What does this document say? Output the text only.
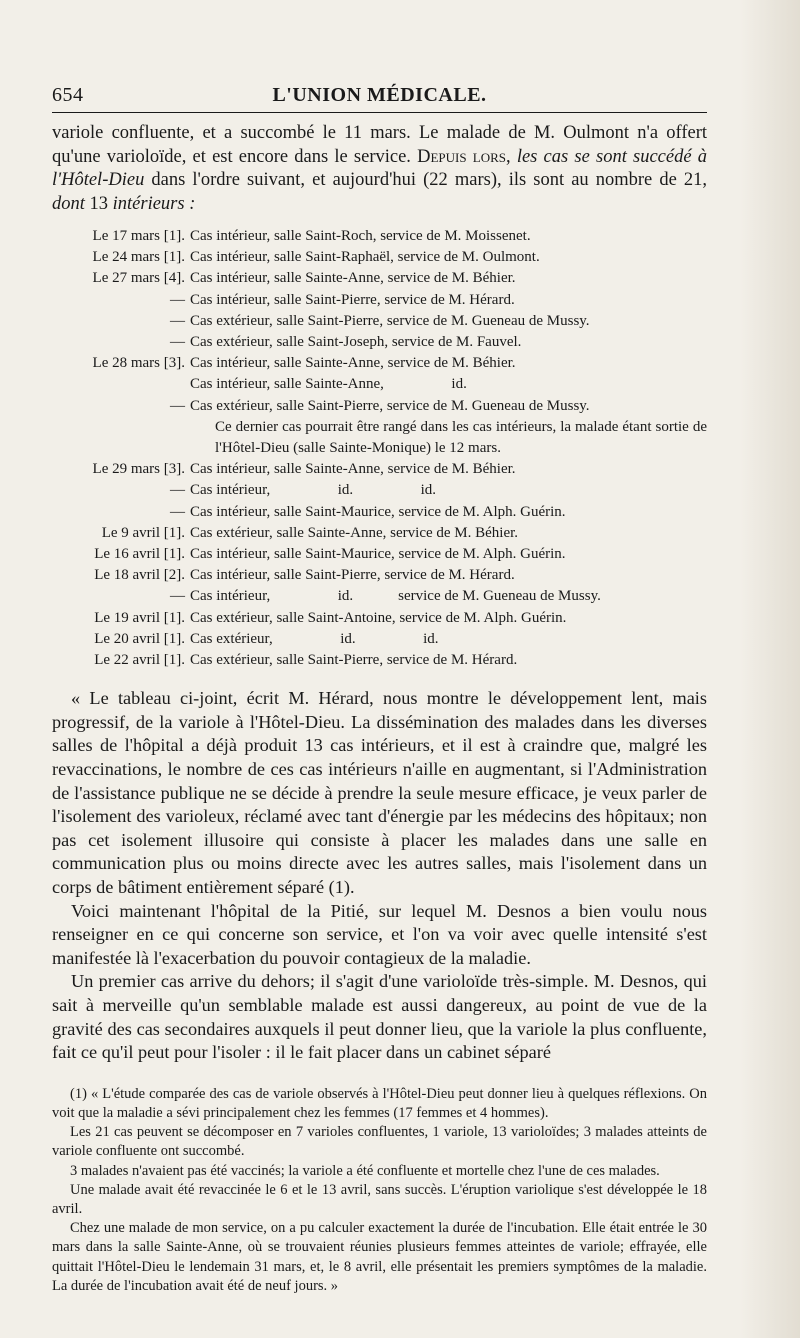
654	L'UNION MÉDICALE.
variole confluente, et a succombé le 11 mars. Le malade de M. Oulmont n'a offert qu'une varioloïde, et est encore dans le service. Depuis lors, les cas se sont succédé à l'Hôtel-Dieu dans l'ordre suivant, et aujourd'hui (22 mars), ils sont au nombre de 21, dont 13 intérieurs :
Le 17 mars [1]. Cas intérieur, salle Saint-Roch, service de M. Moissenet.
Le 24 mars [1]. Cas intérieur, salle Saint-Raphaël, service de M. Oulmont.
Le 27 mars [4]. Cas intérieur, salle Sainte-Anne, service de M. Béhier.
— Cas intérieur, salle Saint-Pierre, service de M. Hérard.
— Cas extérieur, salle Saint-Pierre, service de M. Gueneau de Mussy.
— Cas extérieur, salle Saint-Joseph, service de M. Fauvel.
Le 28 mars [3]. Cas intérieur, salle Sainte-Anne, service de M. Béhier.
Cas intérieur, salle Sainte-Anne,                  id.
— Cas extérieur, salle Saint-Pierre, service de M. Gueneau de Mussy.
Ce dernier cas pourrait être rangé dans les cas intérieurs, la malade étant sortie de l'Hôtel-Dieu (salle Sainte-Monique) le 12 mars.
Le 29 mars [3]. Cas intérieur, salle Sainte-Anne, service de M. Béhier.
— Cas intérieur,                  id.                  id.
— Cas intérieur, salle Saint-Maurice, service de M. Alph. Guérin.
Le 9 avril [1]. Cas extérieur, salle Sainte-Anne, service de M. Béhier.
Le 16 avril [1]. Cas intérieur, salle Saint-Maurice, service de M. Alph. Guérin.
Le 18 avril [2]. Cas intérieur, salle Saint-Pierre, service de M. Hérard.
— Cas intérieur,                  id.            service de M. Gueneau de Mussy.
Le 19 avril [1]. Cas extérieur, salle Saint-Antoine, service de M. Alph. Guérin.
Le 20 avril [1]. Cas extérieur,                  id.                  id.
Le 22 avril [1]. Cas extérieur, salle Saint-Pierre, service de M. Hérard.

« Le tableau ci-joint, écrit M. Hérard, nous montre le développement lent, mais progressif, de la variole à l'Hôtel-Dieu. La dissémination des malades dans les diverses salles de l'hôpital a déjà produit 13 cas intérieurs, et il est à craindre que, malgré les revaccinations, le nombre de ces cas intérieurs n'aille en augmentant, si l'Administration de l'assistance publique ne se décide à prendre la seule mesure efficace, je veux parler de l'isolement des varioleux, réclamé avec tant d'énergie par les médecins des hôpitaux; non pas cet isolement illusoire qui consiste à placer les malades dans une salle en communication plus ou moins directe avec les autres salles, mais l'isolement dans un corps de bâtiment entièrement séparé (1).

Voici maintenant l'hôpital de la Pitié, sur lequel M. Desnos a bien voulu nous renseigner en ce qui concerne son service, et l'on va voir avec quelle intensité s'est manifestée là l'exacerbation du pouvoir contagieux de la maladie.

Un premier cas arrive du dehors; il s'agit d'une varioloïde très-simple. M. Desnos, qui sait à merveille qu'un semblable malade est aussi dangereux, au point de vue de la gravité des cas secondaires auxquels il peut donner lieu, que la variole la plus confluente, fait ce qu'il peut pour l'isoler : il le fait placer dans un cabinet séparé

(1) « L'étude comparée des cas de variole observés à l'Hôtel-Dieu peut donner lieu à quelques réflexions. On voit que la maladie a sévi principalement chez les femmes (17 femmes et 4 hommes).

Les 21 cas peuvent se décomposer en 7 varioles confluentes, 1 variole, 13 varioloïdes; 3 malades atteints de variole confluente ont succombé.

3 malades n'avaient pas été vaccinés; la variole a été confluente et mortelle chez l'une de ces malades.

Une malade avait été revaccinée le 6 et le 13 avril, sans succès. L'éruption variolique s'est développée le 18 avril.

Chez une malade de mon service, on a pu calculer exactement la durée de l'incubation. Elle était entrée le 30 mars dans la salle Sainte-Anne, où se trouvaient réunies plusieurs femmes atteintes de variole; effrayée, elle quittait l'Hôtel-Dieu le lendemain 31 mars, et, le 8 avril, elle présentait les premiers symptômes de la maladie. La durée de l'incubation avait été de neuf jours. »
